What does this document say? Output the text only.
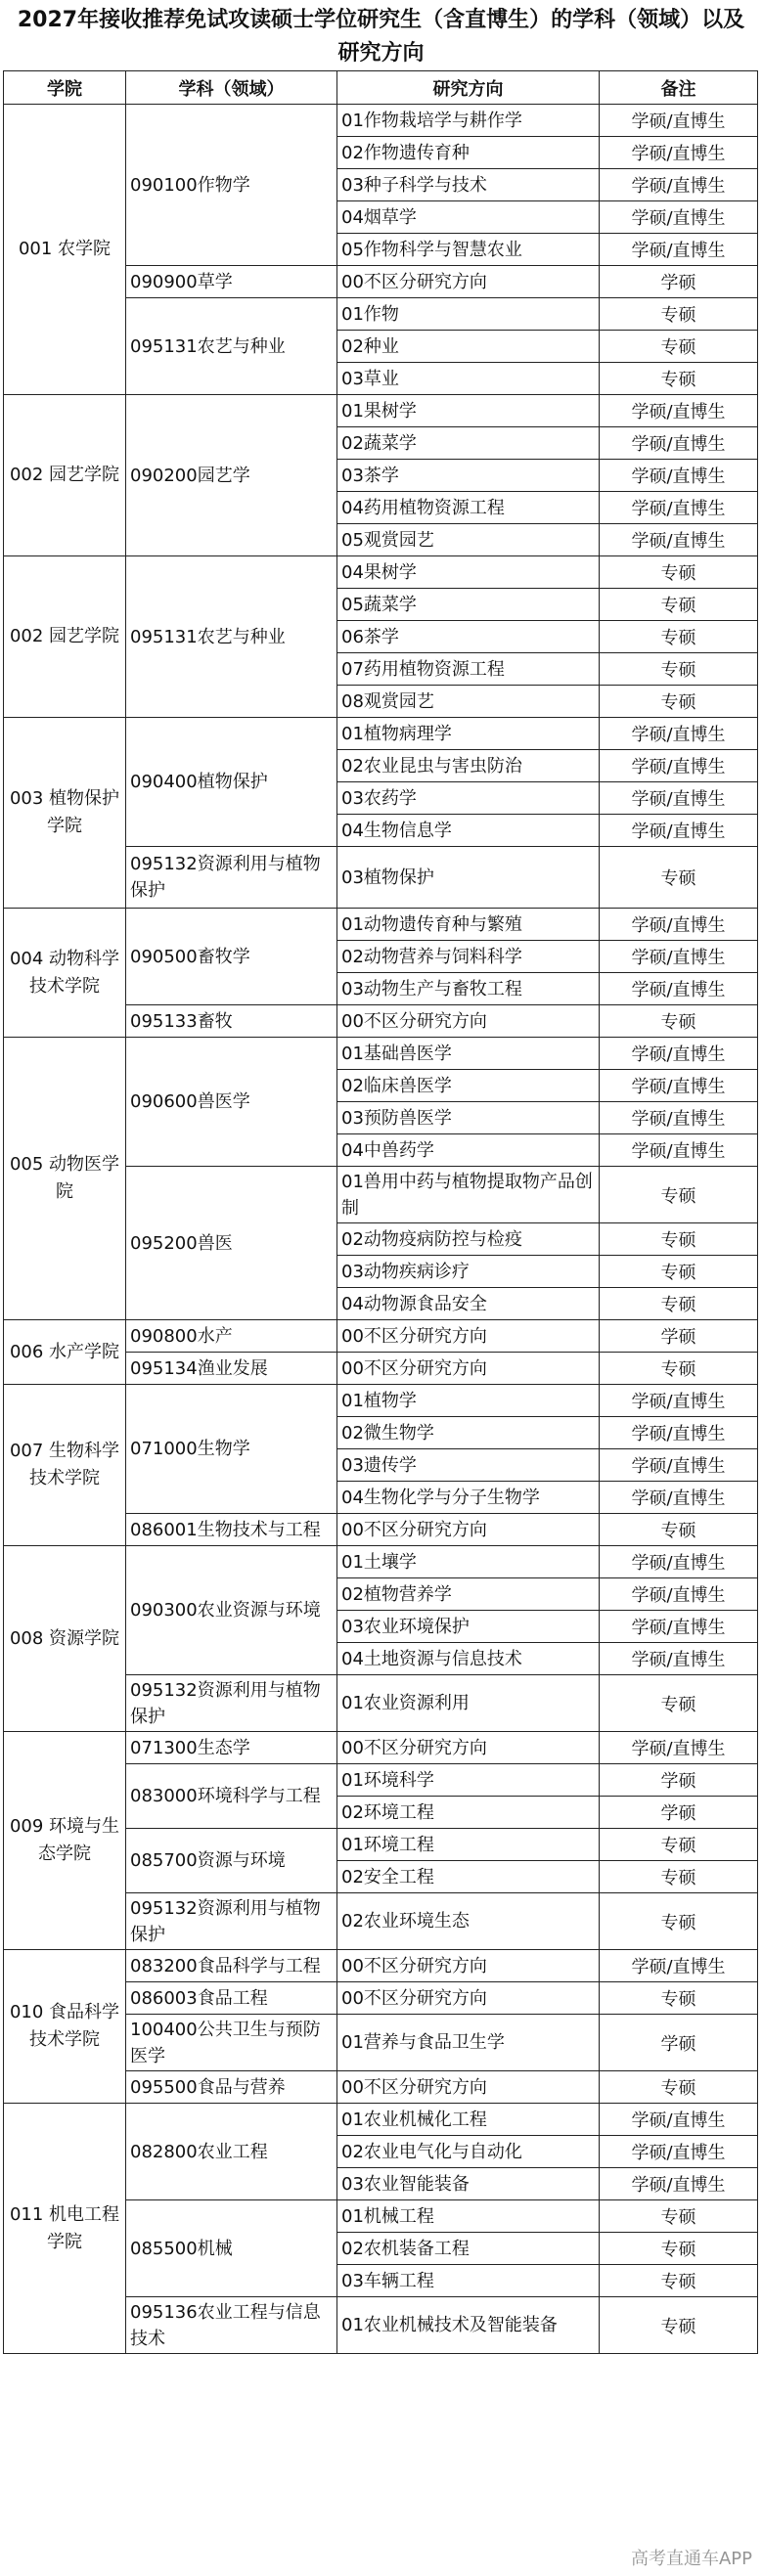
2027年接收推荐免试攻读硕士学位研究生（含直博生）的学科（领域）以及研究方向
学院	学科（领域）	研究方向	备注
001 农学院	090100作物学	01作物栽培学与耕作学	学硕/直博生
		02作物遗传育种	学硕/直博生
		03种子科学与技术	学硕/直博生
		04烟草学	学硕/直博生
		05作物科学与智慧农业	学硕/直博生
	090900草学	00不区分研究方向	学硕
	095131农艺与种业	01作物	专硕
		02种业	专硕
		03草业	专硕
002 园艺学院	090200园艺学	01果树学	学硕/直博生
		02蔬菜学	学硕/直博生
		03茶学	学硕/直博生
		04药用植物资源工程	学硕/直博生
		05观赏园艺	学硕/直博生
002 园艺学院	095131农艺与种业	04果树学	专硕
		05蔬菜学	专硕
		06茶学	专硕
		07药用植物资源工程	专硕
		08观赏园艺	专硕
003 植物保护学院	090400植物保护	01植物病理学	学硕/直博生
		02农业昆虫与害虫防治	学硕/直博生
		03农药学	学硕/直博生
		04生物信息学	学硕/直博生
	095132资源利用与植物保护	03植物保护	专硕
004 动物科学技术学院	090500畜牧学	01动物遗传育种与繁殖	学硕/直博生
		02动物营养与饲料科学	学硕/直博生
		03动物生产与畜牧工程	学硕/直博生
	095133畜牧	00不区分研究方向	专硕
005 动物医学院	090600兽医学	01基础兽医学	学硕/直博生
		02临床兽医学	学硕/直博生
		03预防兽医学	学硕/直博生
		04中兽药学	学硕/直博生
	095200兽医	01兽用中药与植物提取物产品创制	专硕
		02动物疫病防控与检疫	专硕
		03动物疾病诊疗	专硕
		04动物源食品安全	专硕
006 水产学院	090800水产	00不区分研究方向	学硕
	095134渔业发展	00不区分研究方向	专硕
007 生物科学技术学院	071000生物学	01植物学	学硕/直博生
		02微生物学	学硕/直博生
		03遗传学	学硕/直博生
		04生物化学与分子生物学	学硕/直博生
	086001生物技术与工程	00不区分研究方向	专硕
008 资源学院	090300农业资源与环境	01土壤学	学硕/直博生
		02植物营养学	学硕/直博生
		03农业环境保护	学硕/直博生
		04土地资源与信息技术	学硕/直博生
	095132资源利用与植物保护	01农业资源利用	专硕
009 环境与生态学院	071300生态学	00不区分研究方向	学硕/直博生
	083000环境科学与工程	01环境科学	学硕
		02环境工程	学硕
	085700资源与环境	01环境工程	专硕
		02安全工程	专硕
	095132资源利用与植物保护	02农业环境生态	专硕
010 食品科学技术学院	083200食品科学与工程	00不区分研究方向	学硕/直博生
	086003食品工程	00不区分研究方向	专硕
	100400公共卫生与预防医学	01营养与食品卫生学	学硕
	095500食品与营养	00不区分研究方向	专硕
011 机电工程学院	082800农业工程	01农业机械化工程	学硕/直博生
		02农业电气化与自动化	学硕/直博生
		03农业智能装备	学硕/直博生
	085500机械	01机械工程	专硕
		02农机装备工程	专硕
		03车辆工程	专硕
	095136农业工程与信息技术	01农业机械技术及智能装备	专硕
高考直通车APP
